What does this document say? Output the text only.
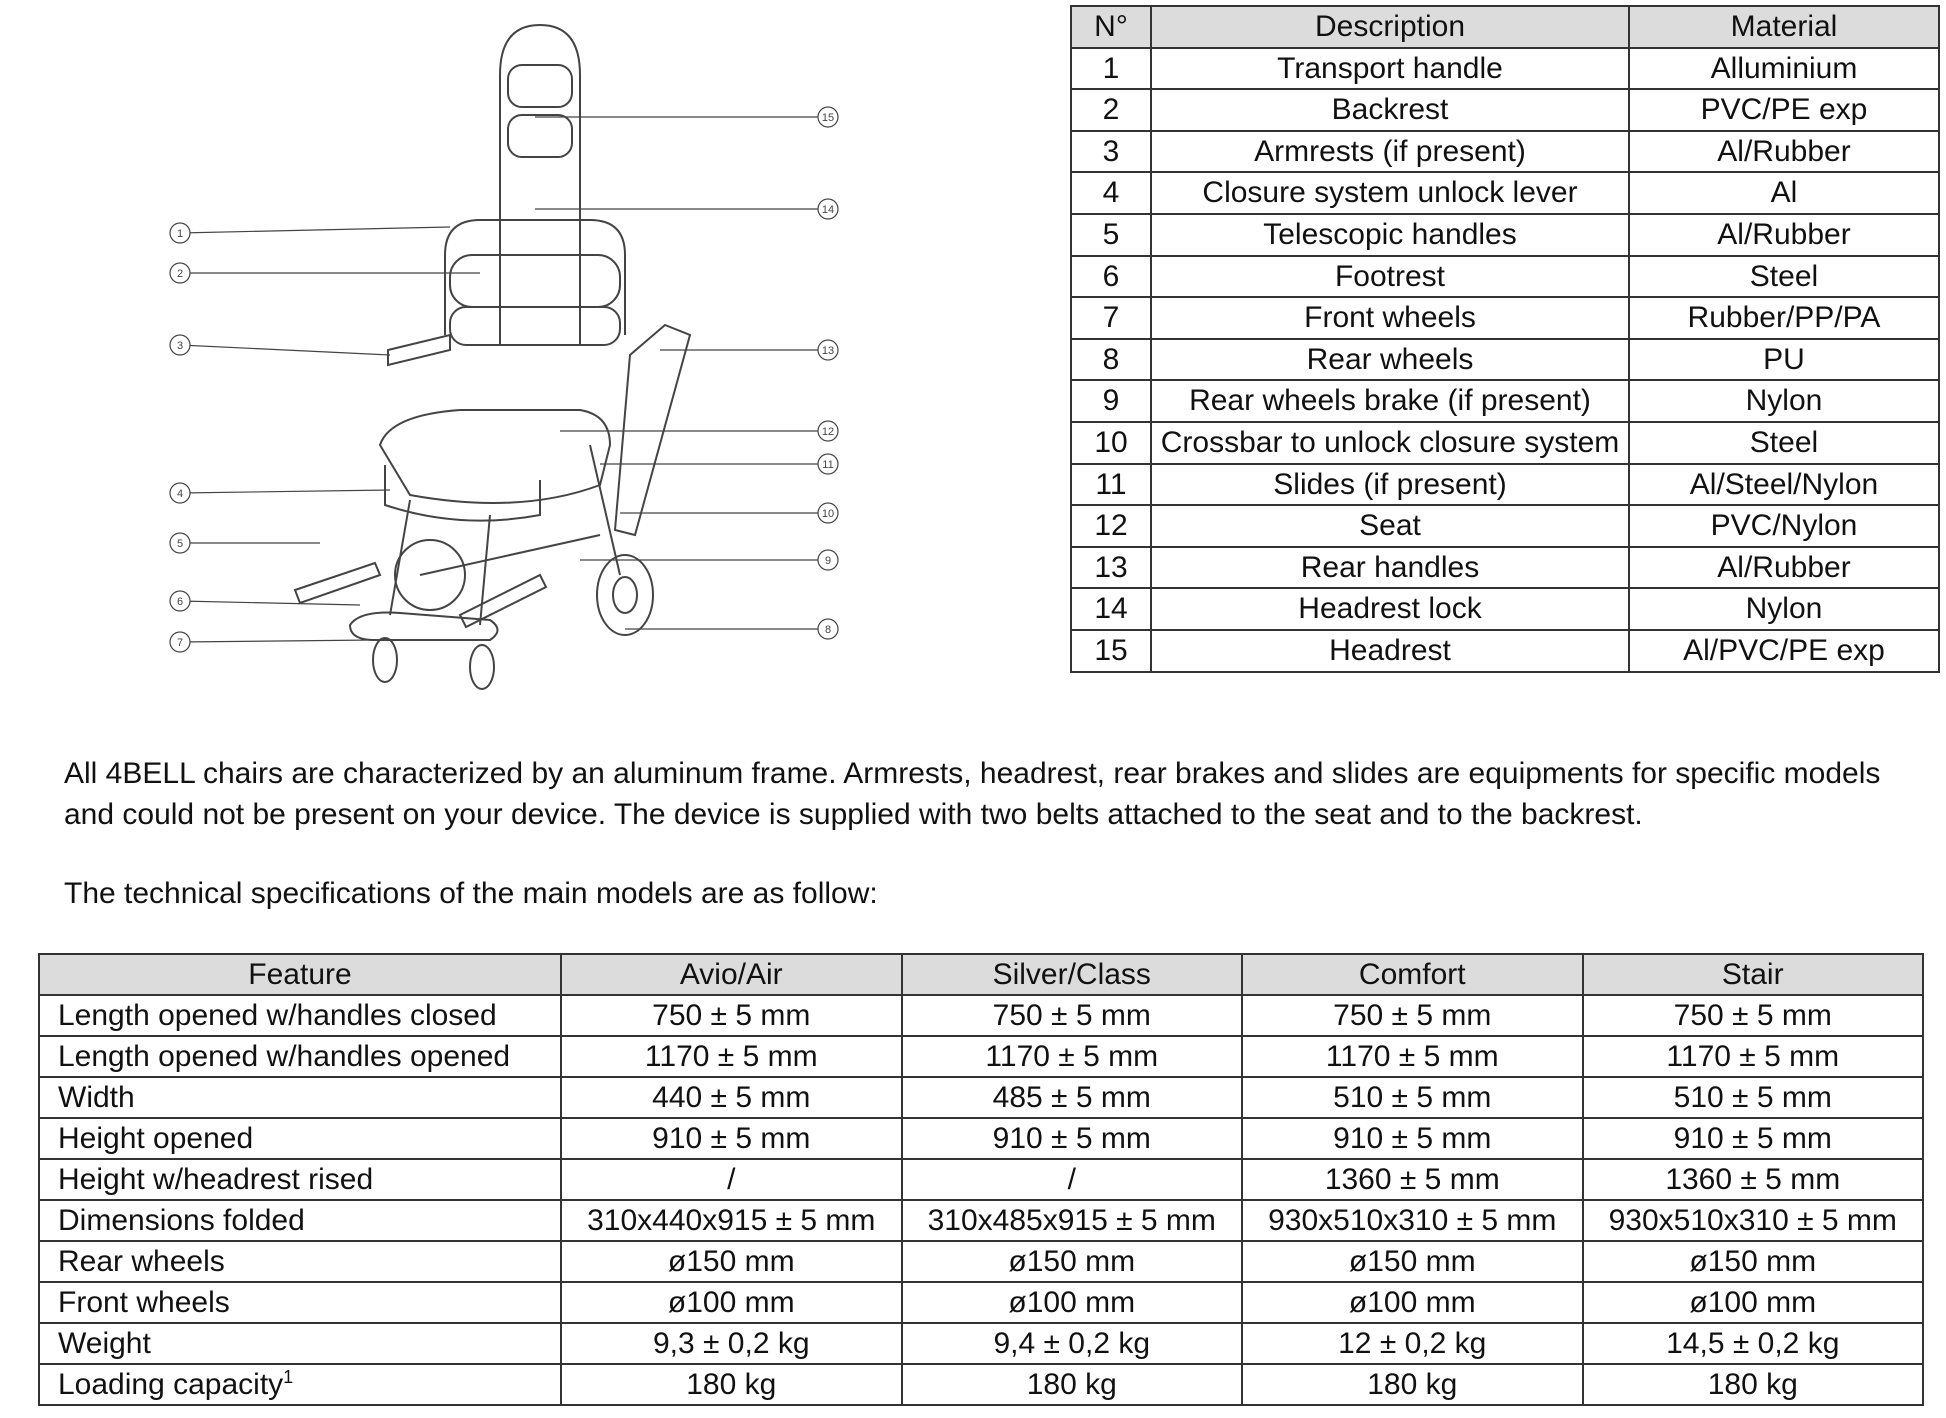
1
2
3
4
5
6
7
15
14
13
12
11
10
9
8
N°	Description	Material
1	Transport handle	Alluminium
2	Backrest	PVC/PE exp
3	Armrests (if present)	Al/Rubber
4	Closure system unlock lever	Al
5	Telescopic handles	Al/Rubber
6	Footrest	Steel
7	Front wheels	Rubber/PP/PA
8	Rear wheels	PU
9	Rear wheels brake (if present)	Nylon
10	Crossbar to unlock closure system	Steel
11	Slides (if present)	Al/Steel/Nylon
12	Seat	PVC/Nylon
13	Rear handles	Al/Rubber
14	Headrest lock	Nylon
15	Headrest	Al/PVC/PE exp

All 4BELL chairs are characterized by an aluminum frame. Armrests, headrest, rear brakes and slides are equipments for specific models and could not be present on your device. The device is supplied with two belts attached to the seat and to the backrest.

The technical specifications of the main models are as follow:

Feature	Avio/Air	Silver/Class	Comfort	Stair
Length opened w/handles closed	750 ± 5 mm	750 ± 5 mm	750 ± 5 mm	750 ± 5 mm
Length opened w/handles opened	1170 ± 5 mm	1170 ± 5 mm	1170 ± 5 mm	1170 ± 5 mm
Width	440 ± 5 mm	485 ± 5 mm	510 ± 5 mm	510 ± 5 mm
Height opened	910 ± 5 mm	910 ± 5 mm	910 ± 5 mm	910 ± 5 mm
Height w/headrest rised	/	/	1360 ± 5 mm	1360 ± 5 mm
Dimensions folded	310x440x915 ± 5 mm	310x485x915 ± 5 mm	930x510x310 ± 5 mm	930x510x310 ± 5 mm
Rear wheels	ø150 mm	ø150 mm	ø150 mm	ø150 mm
Front wheels	ø100 mm	ø100 mm	ø100 mm	ø100 mm
Weight	9,3 ± 0,2 kg	9,4 ± 0,2 kg	12 ± 0,2 kg	14,5 ± 0,2 kg
Loading capacity$^1$	180 kg	180 kg	180 kg	180 kg
